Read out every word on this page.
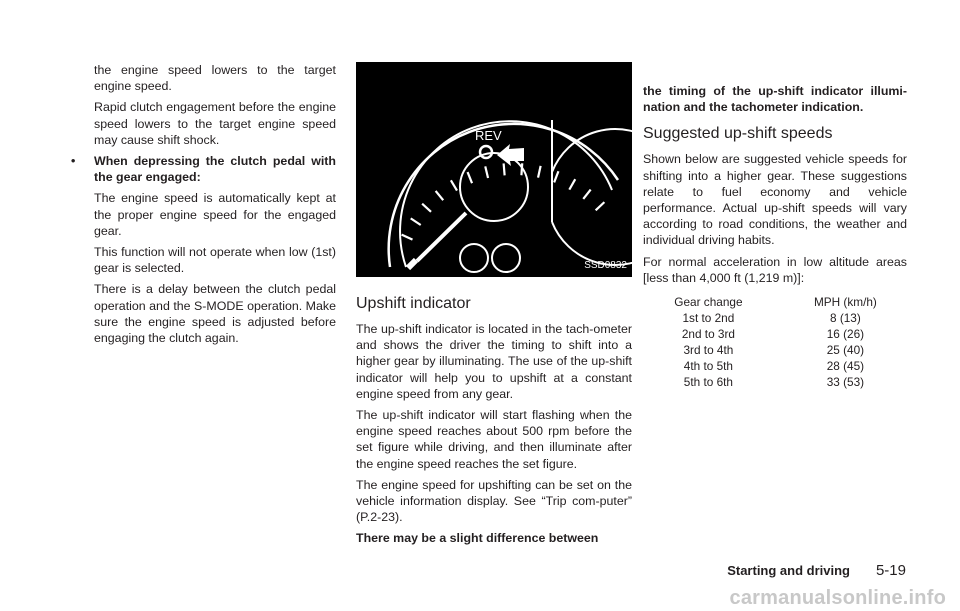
the engine speed lowers to the target engine speed.

Rapid clutch engagement before the engine speed lowers to the target engine speed may cause shift shock.

• When depressing the clutch pedal with the gear engaged:

The engine speed is automatically kept at the proper engine speed for the engaged gear.

This function will not operate when low (1st) gear is selected.

There is a delay between the clutch pedal operation and the S-MODE operation. Make sure the engine speed is adjusted before engaging the clutch again.

REV
SSD0832
Upshift indicator

The up-shift indicator is located in the tach-ometer and shows the driver the timing to shift into a higher gear by illuminating. The use of the up-shift indicator will help you to upshift at a constant engine speed from any gear.

The up-shift indicator will start flashing when the engine speed reaches about 500 rpm before the set figure while driving, and then illuminate after the engine speed reaches the set figure.

The engine speed for upshifting can be set on the vehicle information display. See “Trip com-puter” (P.2-23).

There may be a slight difference between

the timing of the up-shift indicator illumi-nation and the tachometer indication.

Suggested up-shift speeds

Shown below are suggested vehicle speeds for shifting into a higher gear. These suggestions relate to fuel economy and vehicle performance. Actual up-shift speeds will vary according to road conditions, the weather and individual driving habits.

For normal acceleration in low altitude areas [less than 4,000 ft (1,219 m)]:

Gear change	MPH (km/h)
1st to 2nd	8 (13)
2nd to 3rd	16 (26)
3rd to 4th	25 (40)
4th to 5th	28 (45)
5th to 6th	33 (53)
Starting and driving 5-19
carmanualsonline.info
